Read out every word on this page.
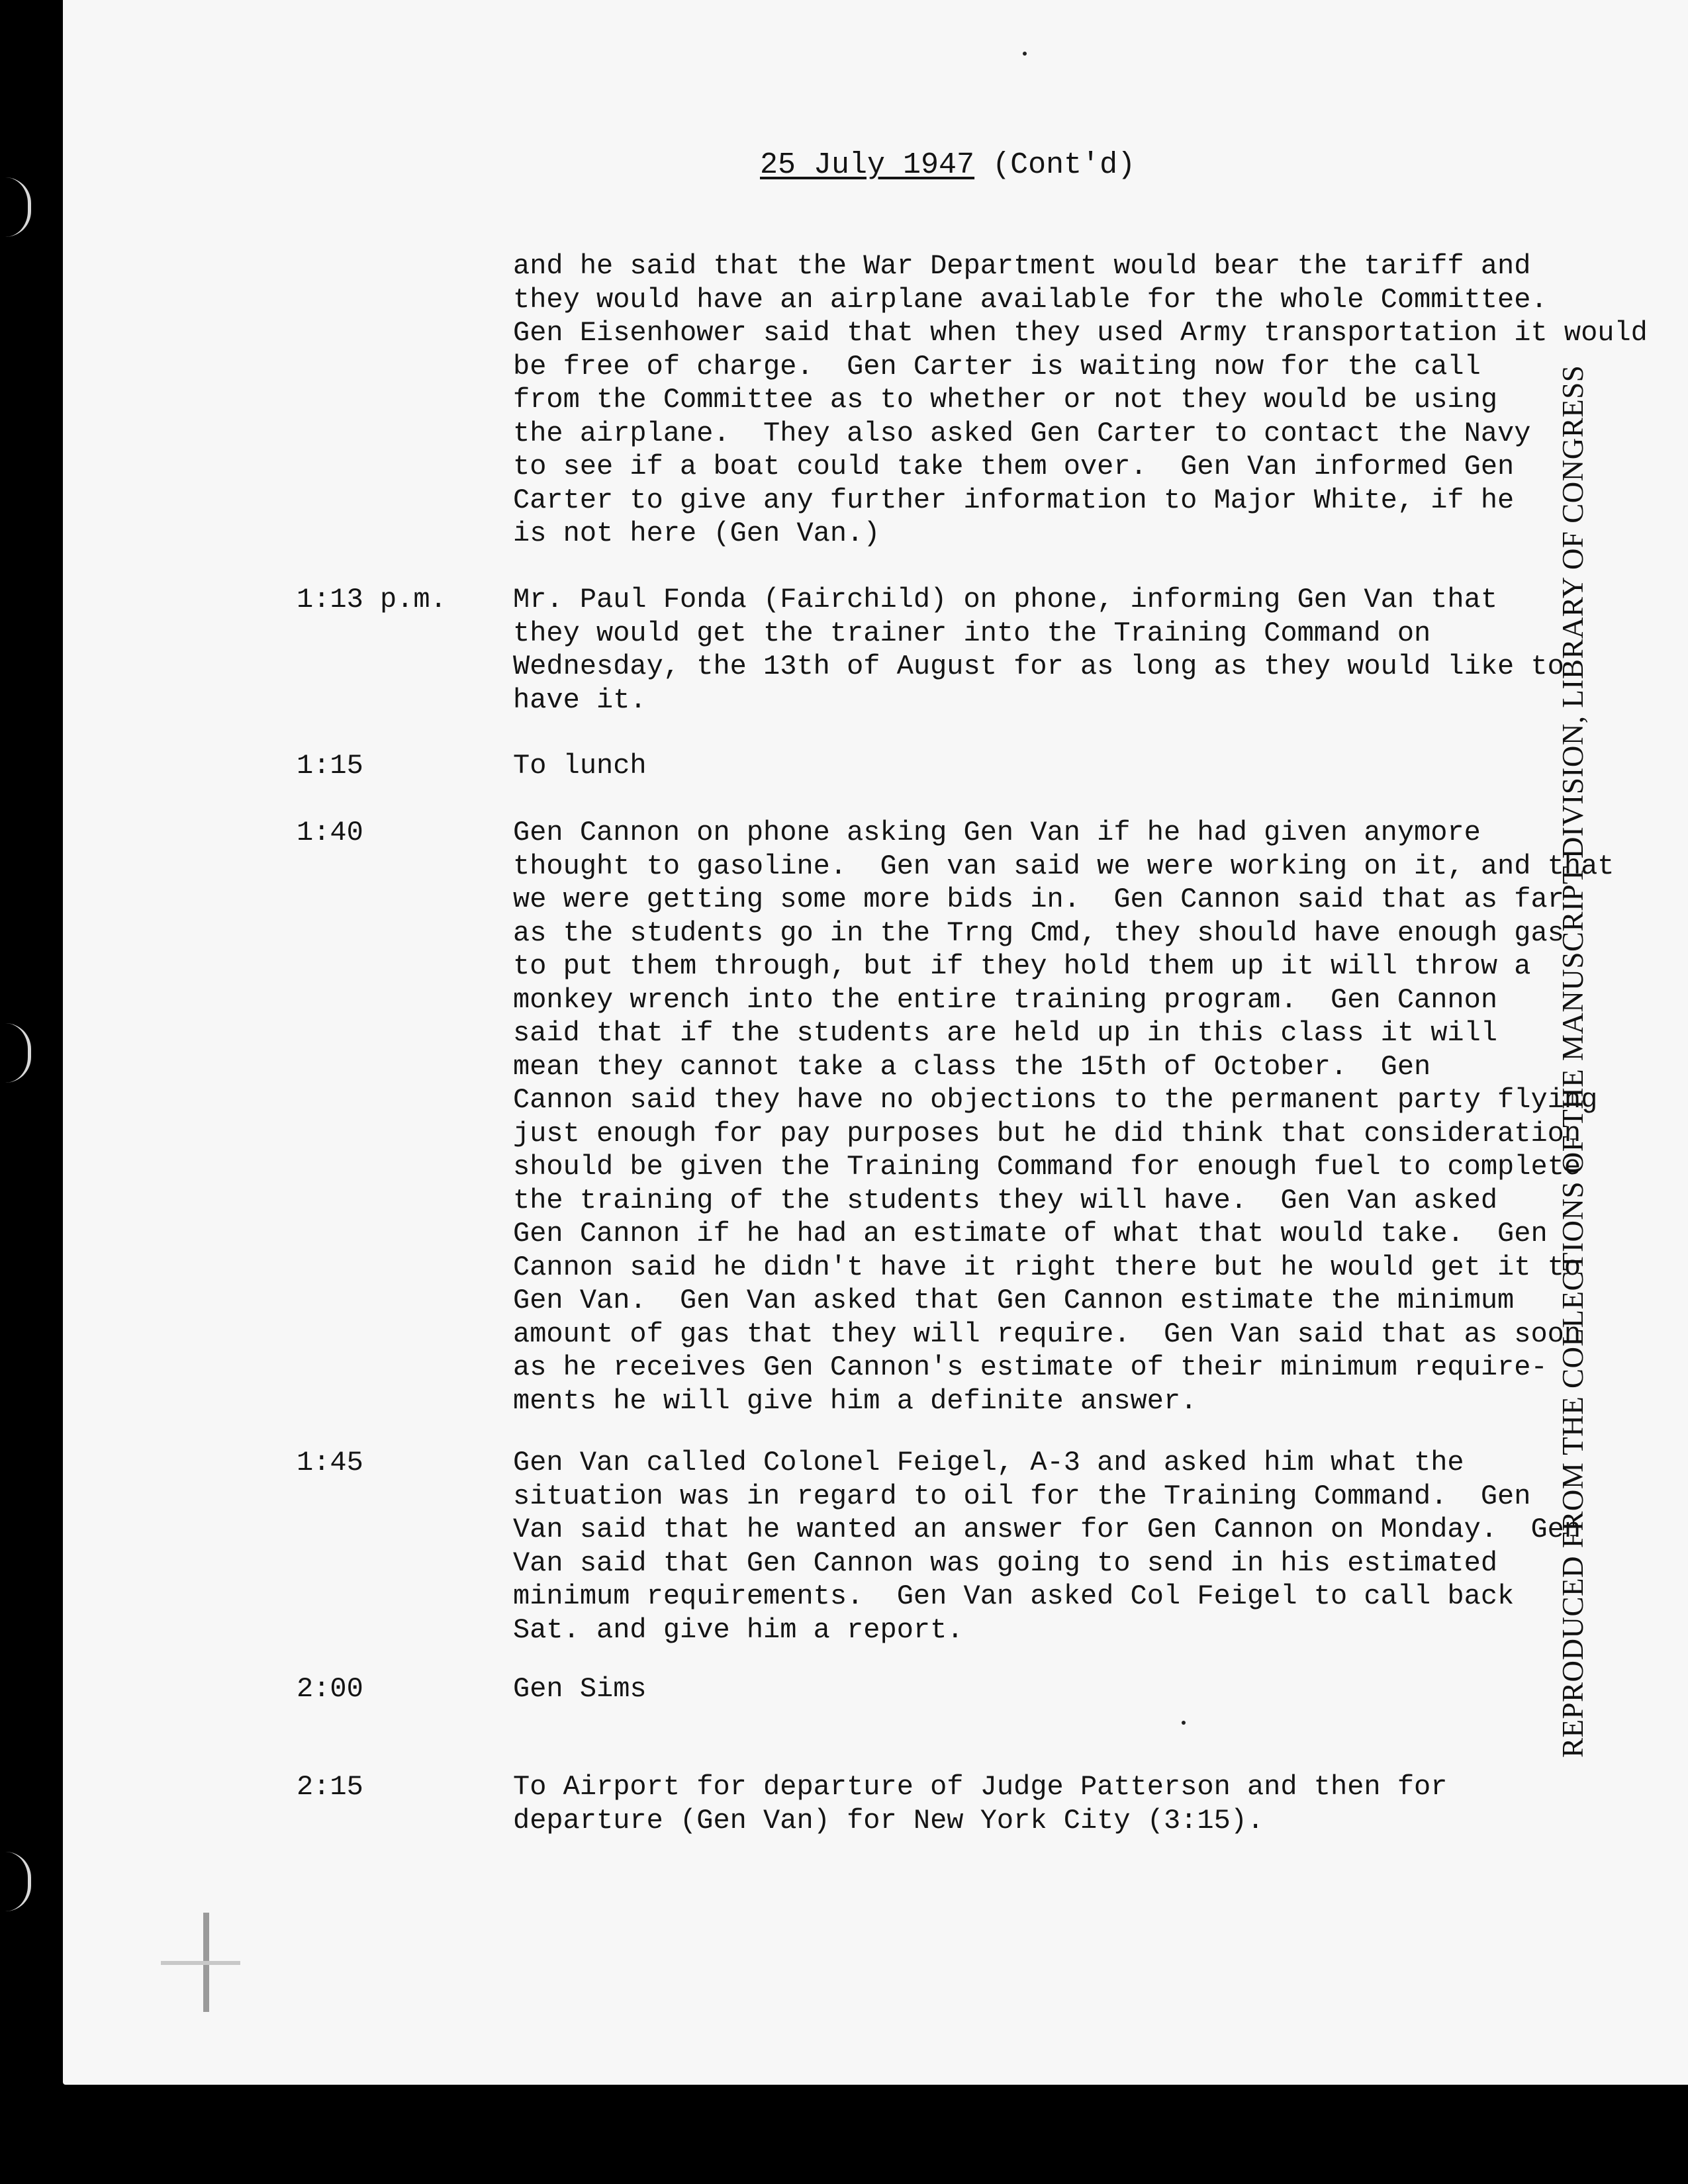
25 July 1947 (Cont'd)
and he said that the War Department would bear the tariff and
they would have an airplane available for the whole Committee.
Gen Eisenhower said that when they used Army transportation it
be free of charge.  Gen Carter is waiting now for the call
from the Committee as to whether or not they would be using
the airplane.  They also asked Gen Carter to contact the Navy
to see if a boat could take them over.  Gen Van informed Gen
Carter to give any further information to Major White, if he
is not here (Gen Van.)
1:13 p.m. Mr. Paul Fonda (Fairchild) on phone, informing Gen Van that
they would get the trainer into the Training Command on
Wednesday, the 13th of August for as long as they would like to
have it.
1:15	To lunch
1:40	Gen Cannon on phone asking Gen Van if he had given anymore
thought to gasoline.  Gen van said we were working on it, and that
we were getting some more bids in.  Gen Cannon said that as far
as the students go in the Trng Cmd, they should have enough gas
to put them through, but if they hold them up it will throw a
monkey wrench into the entire training program.  Gen Cannon
said that if the students are held up in this class it will
mean they cannot take a class the 15th of October.  Gen
Cannon said they have no objections to the permanent party flying
just enough for pay purposes but he did think that consideration
should be given the Training Command for enough fuel to complete
the training of the students they will have.  Gen Van asked
Gen Cannon if he had an estimate of what that would take.  Gen
Cannon said he didn't have it right there but he would get it to
Gen Van.  Gen Van asked that Gen Cannon estimate the minimum
amount of gas that they will require.  Gen Van said that as soon
as he receives Gen Cannon's estimate of their minimum require-
ments he will give him a definite answer.
1:45	Gen Van called Colonel Feigel, A-3 and asked him what the
situation was in regard to oil for the Training Command.  Gen
Van said that he wanted an answer for Gen Cannon on Monday.  Gen
Van said that Gen Cannon was going to send in his estimated
minimum requirements.  Gen Van asked Col Feigel to call back
Sat. and give him a report.
2:00	Gen Sims
2:15	To Airport for departure of Judge Patterson and then for
departure (Gen Van) for New York City (3:15).
REPRODUCED FROM THE COLLECTIONS OF THE MANUSCRIPT DIVISION, LIBRARY OF CONGRESS
